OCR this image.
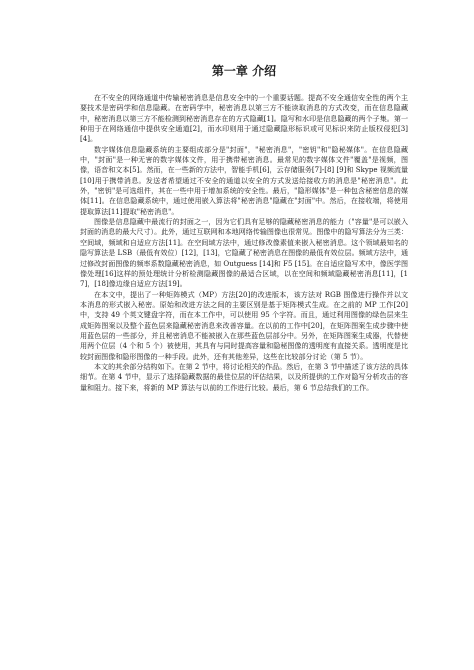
第一章 介绍

在不安全的网络通道中传输秘密消息是信息安全中的一个重要话题。提高不安全通信安全性的两个主要技术是密码学和信息隐藏。在密码学中，秘密消息以第三方不能读取消息的方式改变，而在信息隐藏中，秘密消息以第三方不能检测到秘密消息存在的方式隐藏[1]。隐写和水印是信息隐藏的两个子集。第一种用于在网络通信中提供安全通道[2]，而水印则用于通过隐藏隐形标识或可见标识来防止版权侵犯[3][4]。

数字媒体信息隐藏系统的主要组成部分是"封面"，"秘密消息"，"密钥"和"隐秘媒体"。在信息隐藏中，"封面"是一种无害的数字媒体文件，用于携带秘密消息。最常见的数字媒体文件"覆盖"是视频，图像，语音和文本[5]。然而，在一些新的方法中，智能手机[6]，云存储服务[7]-[8] [9]和 Skype 视频流量[10]用于携带消息。发送者希望通过不安全的通道以安全的方式发送给接收方的消息是"秘密消息"。此外，"密钥"是可选组件，其在一些中用于增加系统的安全性。最后，"隐形媒体"是一种包含秘密信息的媒体[11]。在信息隐藏系统中，通过使用嵌入算法将"秘密消息"隐藏在"封面"中。然后，在接收端，将使用提取算法[11]提取"秘密消息"。

图像是信息隐藏中最流行的封面之一，因为它们具有足够的隐藏秘密消息的能力（"容量"是可以嵌入封面的消息的最大尺寸）。此外，通过互联网和本地网络传输图像也很常见。图像中的隐写算法分为三类：空间域，频域和自适应方法[11]。在空间域方法中，通过修改像素值来嵌入秘密消息。这个领域最知名的隐写算法是 LSB（最低有效位）[12]，[13]，它隐藏了秘密消息在图像的最低有效位层。频域方法中，通过修改封面图像的频率系数隐藏秘密消息，如 Outguess [14]和 F5 [15]。在自适应隐写术中，像医学图像处理[16]这样的预处理统计分析检测隐藏图像的最适合区域，以在空间和频域隐藏秘密消息[11]，[17]，[18]像边缘自适应方法[19]。

在本文中，提出了一种矩阵模式（MP）方法[20]的改进版本，该方法对 RGB 图像进行操作并以文本消息的形式嵌入秘密。原始和改进方法之间的主要区别是基于矩阵模式生成。在之前的 MP 工作[20]中，支持 49 个英文键盘字符，而在本工作中，可以使用 95 个字符。而且，通过利用图像的绿色层来生成矩阵图案以及整个蓝色层来隐藏秘密消息来改善容量。在以前的工作中[20]，在矩阵图案生成步骤中使用蓝色层的一些部分，并且秘密消息不能被嵌入在那些蓝色层部分中。另外，在矩阵图案生成器，代替使用两个位层（4 个和 5 个）被使用，其具有与同时提高容量和隐秘图像的透明度有直接关系。透明度是比较封面图像和隐形图像的一种手段。此外，还有其他差异，这些在比较部分讨论（第 5 节）。

本文的其余部分结构如下。在第 2 节中，将讨论相关的作品。然后，在第 3 节中描述了该方法的具体细节。在第 4 节中，显示了选择隐藏数据的最佳位层的评估结果，以及所提供的工作对隐写分析攻击的容量和阻力。接下来，将新的 MP 算法与以前的工作进行比较。最后，第 6 节总结我们的工作。
